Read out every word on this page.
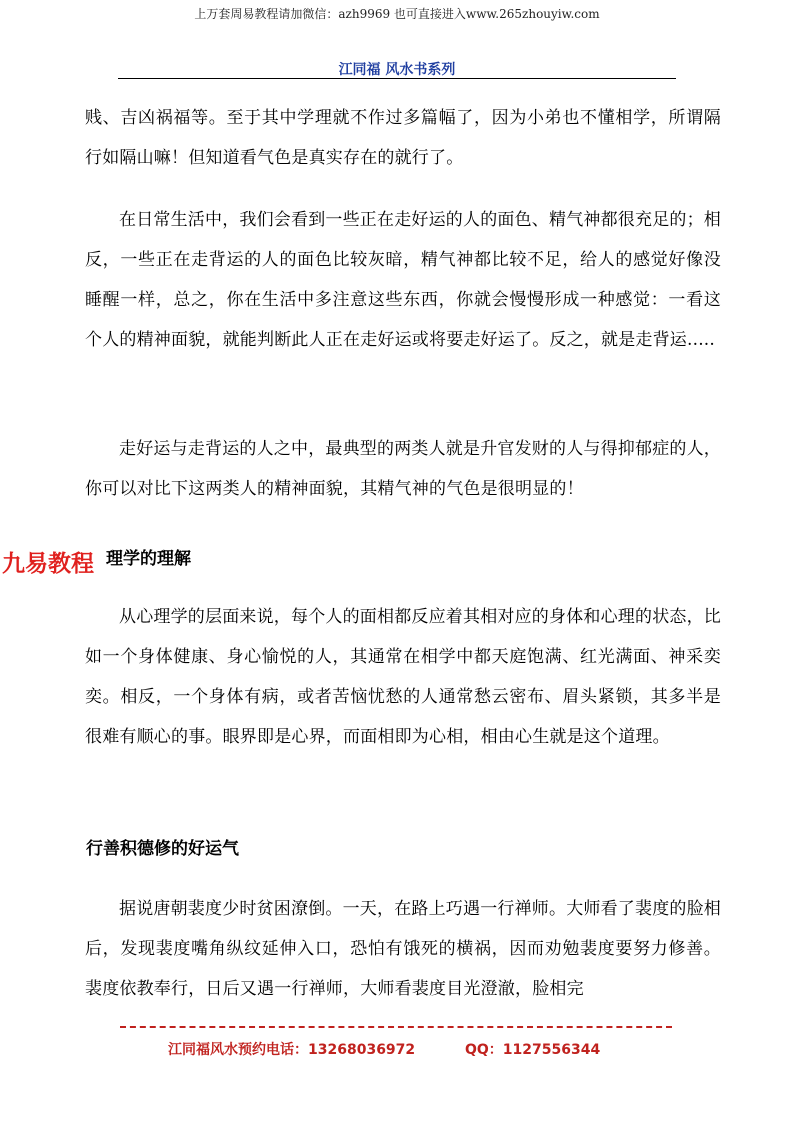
上万套周易教程请加微信：azh9969 也可直接进入www.265zhouyiw.com
江同福 风水书系列

贱、吉凶祸福等。至于其中学理就不作过多篇幅了，因为小弟也不懂相学，所谓隔行如隔山嘛！但知道看气色是真实存在的就行了。

在日常生活中，我们会看到一些正在走好运的人的面色、精气神都很充足的；相反，一些正在走背运的人的面色比较灰暗，精气神都比较不足，给人的感觉好像没睡醒一样，总之，你在生活中多注意这些东西，你就会慢慢形成一种感觉：一看这个人的精神面貌，就能判断此人正在走好运或将要走好运了。反之，就是走背运.....

走好运与走背运的人之中，最典型的两类人就是升官发财的人与得抑郁症的人，你可以对比下这两类人的精神面貌，其精气神的气色是很明显的！

九易教程 理学的理解

从心理学的层面来说，每个人的面相都反应着其相对应的身体和心理的状态，比如一个身体健康、身心愉悦的人，其通常在相学中都天庭饱满、红光满面、神采奕奕。相反，一个身体有病，或者苦恼忧愁的人通常愁云密布、眉头紧锁，其多半是很难有顺心的事。眼界即是心界，而面相即为心相，相由心生就是这个道理。

行善积德修的好运气

据说唐朝裴度少时贫困潦倒。一天，在路上巧遇一行禅师。大师看了裴度的脸相后，发现裴度嘴角纵纹延伸入口，恐怕有饿死的横祸，因而劝勉裴度要努力修善。裴度依教奉行，日后又遇一行禅师，大师看裴度目光澄澈，脸相完

江同福风水预约电话：13268036972	QQ：1127556344
